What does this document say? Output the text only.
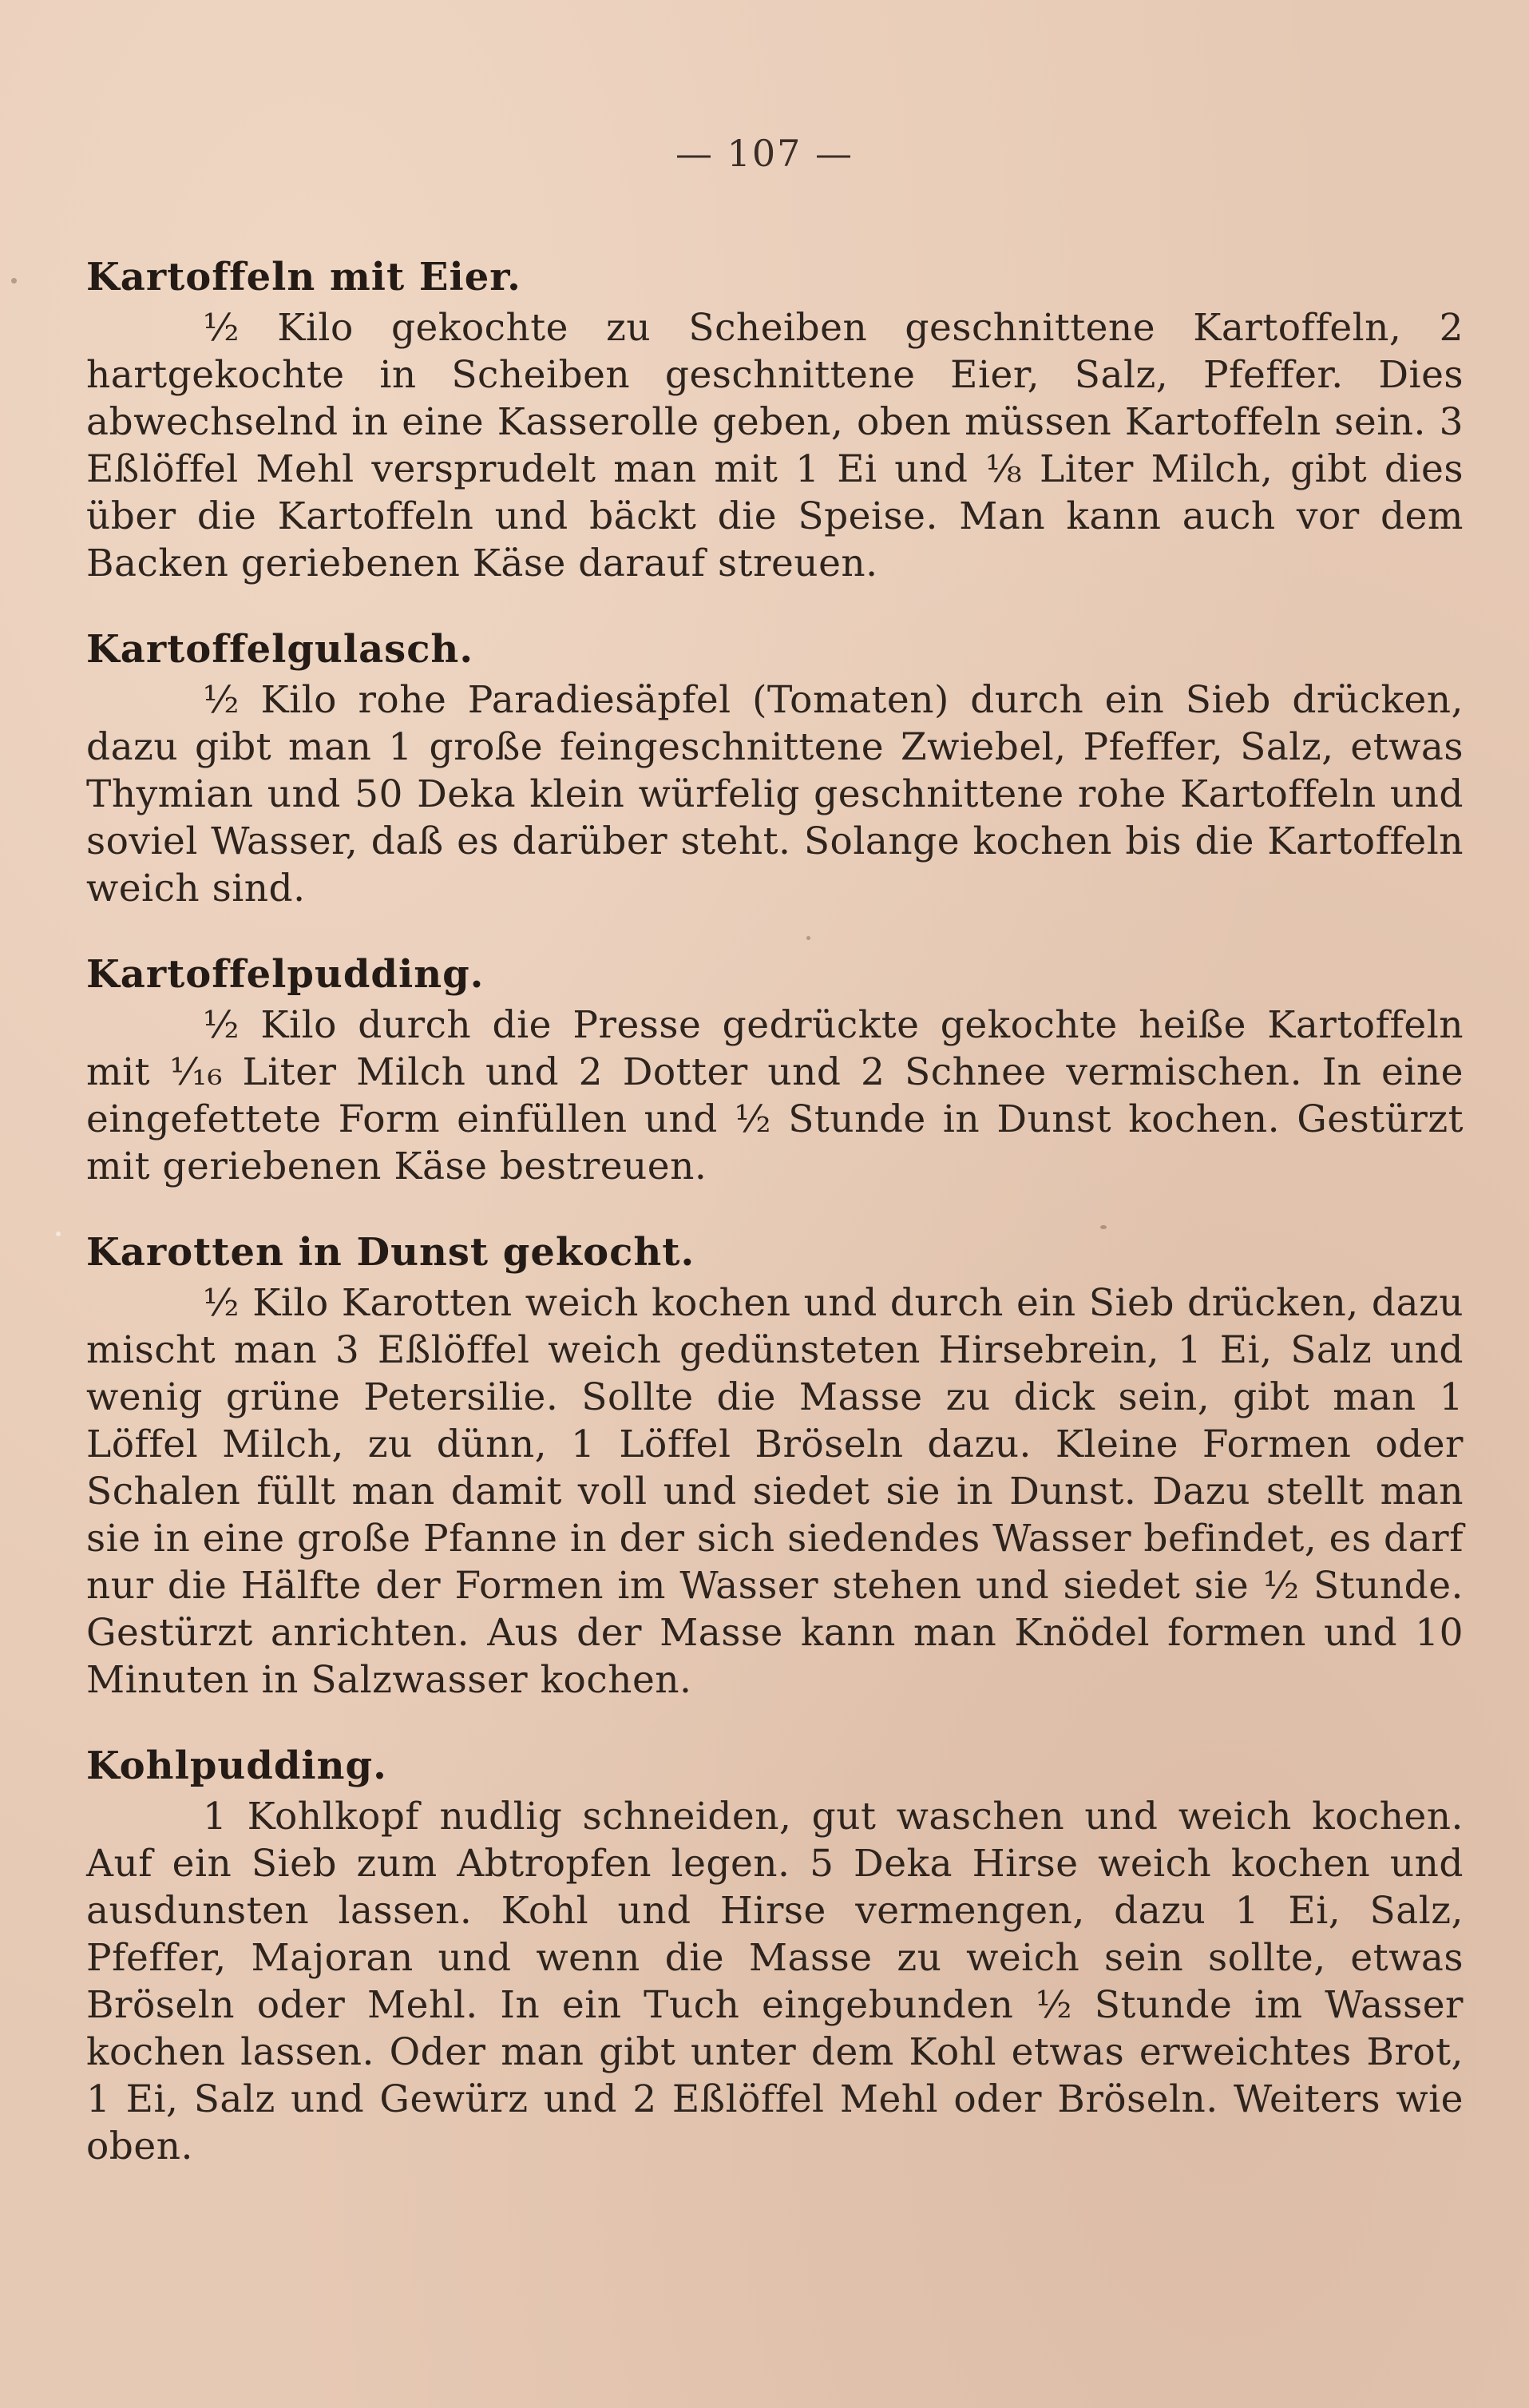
— 107 —
Kartoffeln mit Eier.

½ Kilo gekochte zu Scheiben geschnittene Kartoffeln, 2 hartgekochte in Scheiben geschnittene Eier, Salz, Pfeffer. Dies abwechselnd in eine Kasserolle geben, oben müssen Kartoffeln sein. 3 Eßlöffel Mehl versprudelt man mit 1 Ei und ⅛ Liter Milch, gibt dies über die Kartoffeln und bäckt die Speise. Man kann auch vor dem Backen geriebenen Käse darauf streuen.

Kartoffelgulasch.

½ Kilo rohe Paradiesäpfel (Tomaten) durch ein Sieb drücken, dazu gibt man 1 große feingeschnittene Zwiebel, Pfeffer, Salz, etwas Thymian und 50 Deka klein würfelig geschnittene rohe Kartoffeln und soviel Wasser, daß es darüber steht. Solange kochen bis die Kartoffeln weich sind.

Kartoffelpudding.

½ Kilo durch die Presse gedrückte gekochte heiße Kartoffeln mit ¹⁄₁₆ Liter Milch und 2 Dotter und 2 Schnee vermischen. In eine eingefettete Form einfüllen und ½ Stunde in Dunst kochen. Gestürzt mit geriebenen Käse bestreuen.

Karotten in Dunst gekocht.

½ Kilo Karotten weich kochen und durch ein Sieb drücken, dazu mischt man 3 Eßlöffel weich gedünsteten Hirsebrein, 1 Ei, Salz und wenig grüne Petersilie. Sollte die Masse zu dick sein, gibt man 1 Löffel Milch, zu dünn, 1 Löffel Bröseln dazu. Kleine Formen oder Schalen füllt man damit voll und siedet sie in Dunst. Dazu stellt man sie in eine große Pfanne in der sich siedendes Wasser befindet, es darf nur die Hälfte der Formen im Wasser stehen und siedet sie ½ Stunde. Gestürzt anrichten. Aus der Masse kann man Knödel formen und 10 Minuten in Salzwasser kochen.

Kohlpudding.

1 Kohlkopf nudlig schneiden, gut waschen und weich kochen. Auf ein Sieb zum Abtropfen legen. 5 Deka Hirse weich kochen und ausdunsten lassen. Kohl und Hirse vermengen, dazu 1 Ei, Salz, Pfeffer, Majoran und wenn die Masse zu weich sein sollte, etwas Bröseln oder Mehl. In ein Tuch eingebunden ½ Stunde im Wasser kochen lassen. Oder man gibt unter dem Kohl etwas erweichtes Brot, 1 Ei, Salz und Gewürz und 2 Eßlöffel Mehl oder Bröseln. Weiters wie oben.
